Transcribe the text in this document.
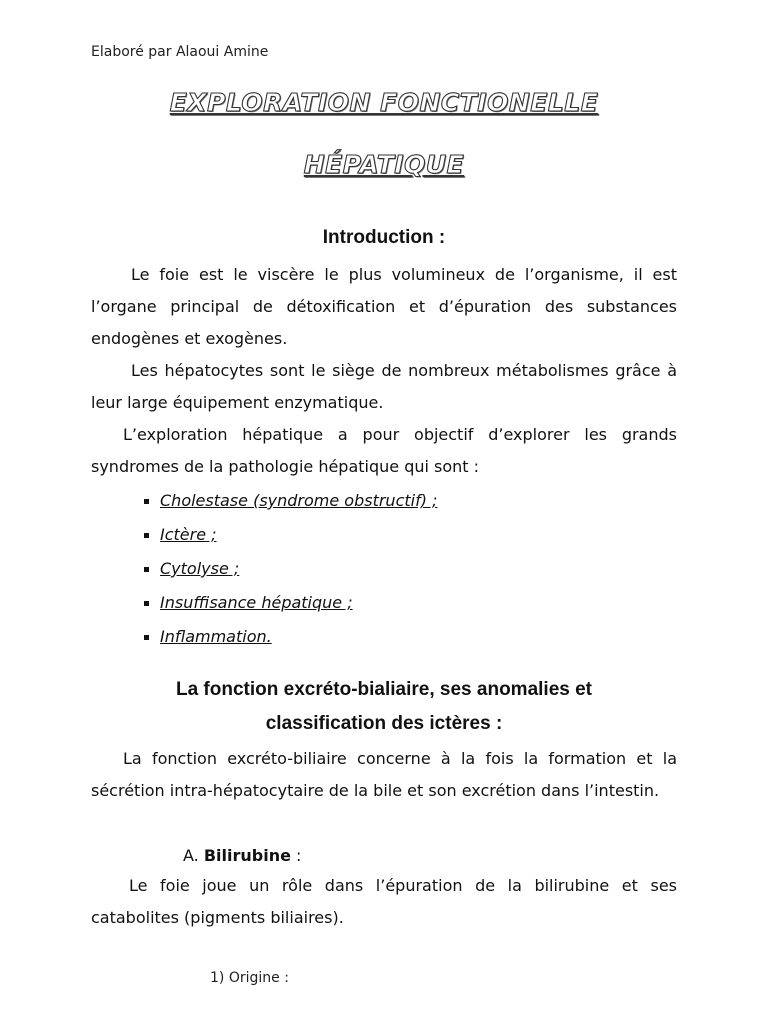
Elaboré par Alaoui Amine
EXPLORATION FONCTIONELLE
HÉPATIQUE
Introduction :
Le foie est le viscère le plus volumineux de l’organisme, il est l’organe principal de détoxification et d’épuration des substances endogènes et exogènes.
Les hépatocytes sont le siège de nombreux métabolismes grâce à leur large équipement enzymatique.
L’exploration hépatique a pour objectif d’explorer les grands syndromes de la pathologie hépatique qui sont :
Cholestase (syndrome obstructif) ;
Ictère ;
Cytolyse ;
Insuffisance hépatique ;
Inflammation.
La fonction excréto-bialiaire, ses anomalies et
classification des ictères :
La fonction excréto-biliaire concerne à la fois la formation et la sécrétion intra-hépatocytaire de la bile et son excrétion dans l’intestin.
A. Bilirubine :
Le foie joue un rôle dans l’épuration de la bilirubine et ses catabolites (pigments biliaires).
1) Origine :
